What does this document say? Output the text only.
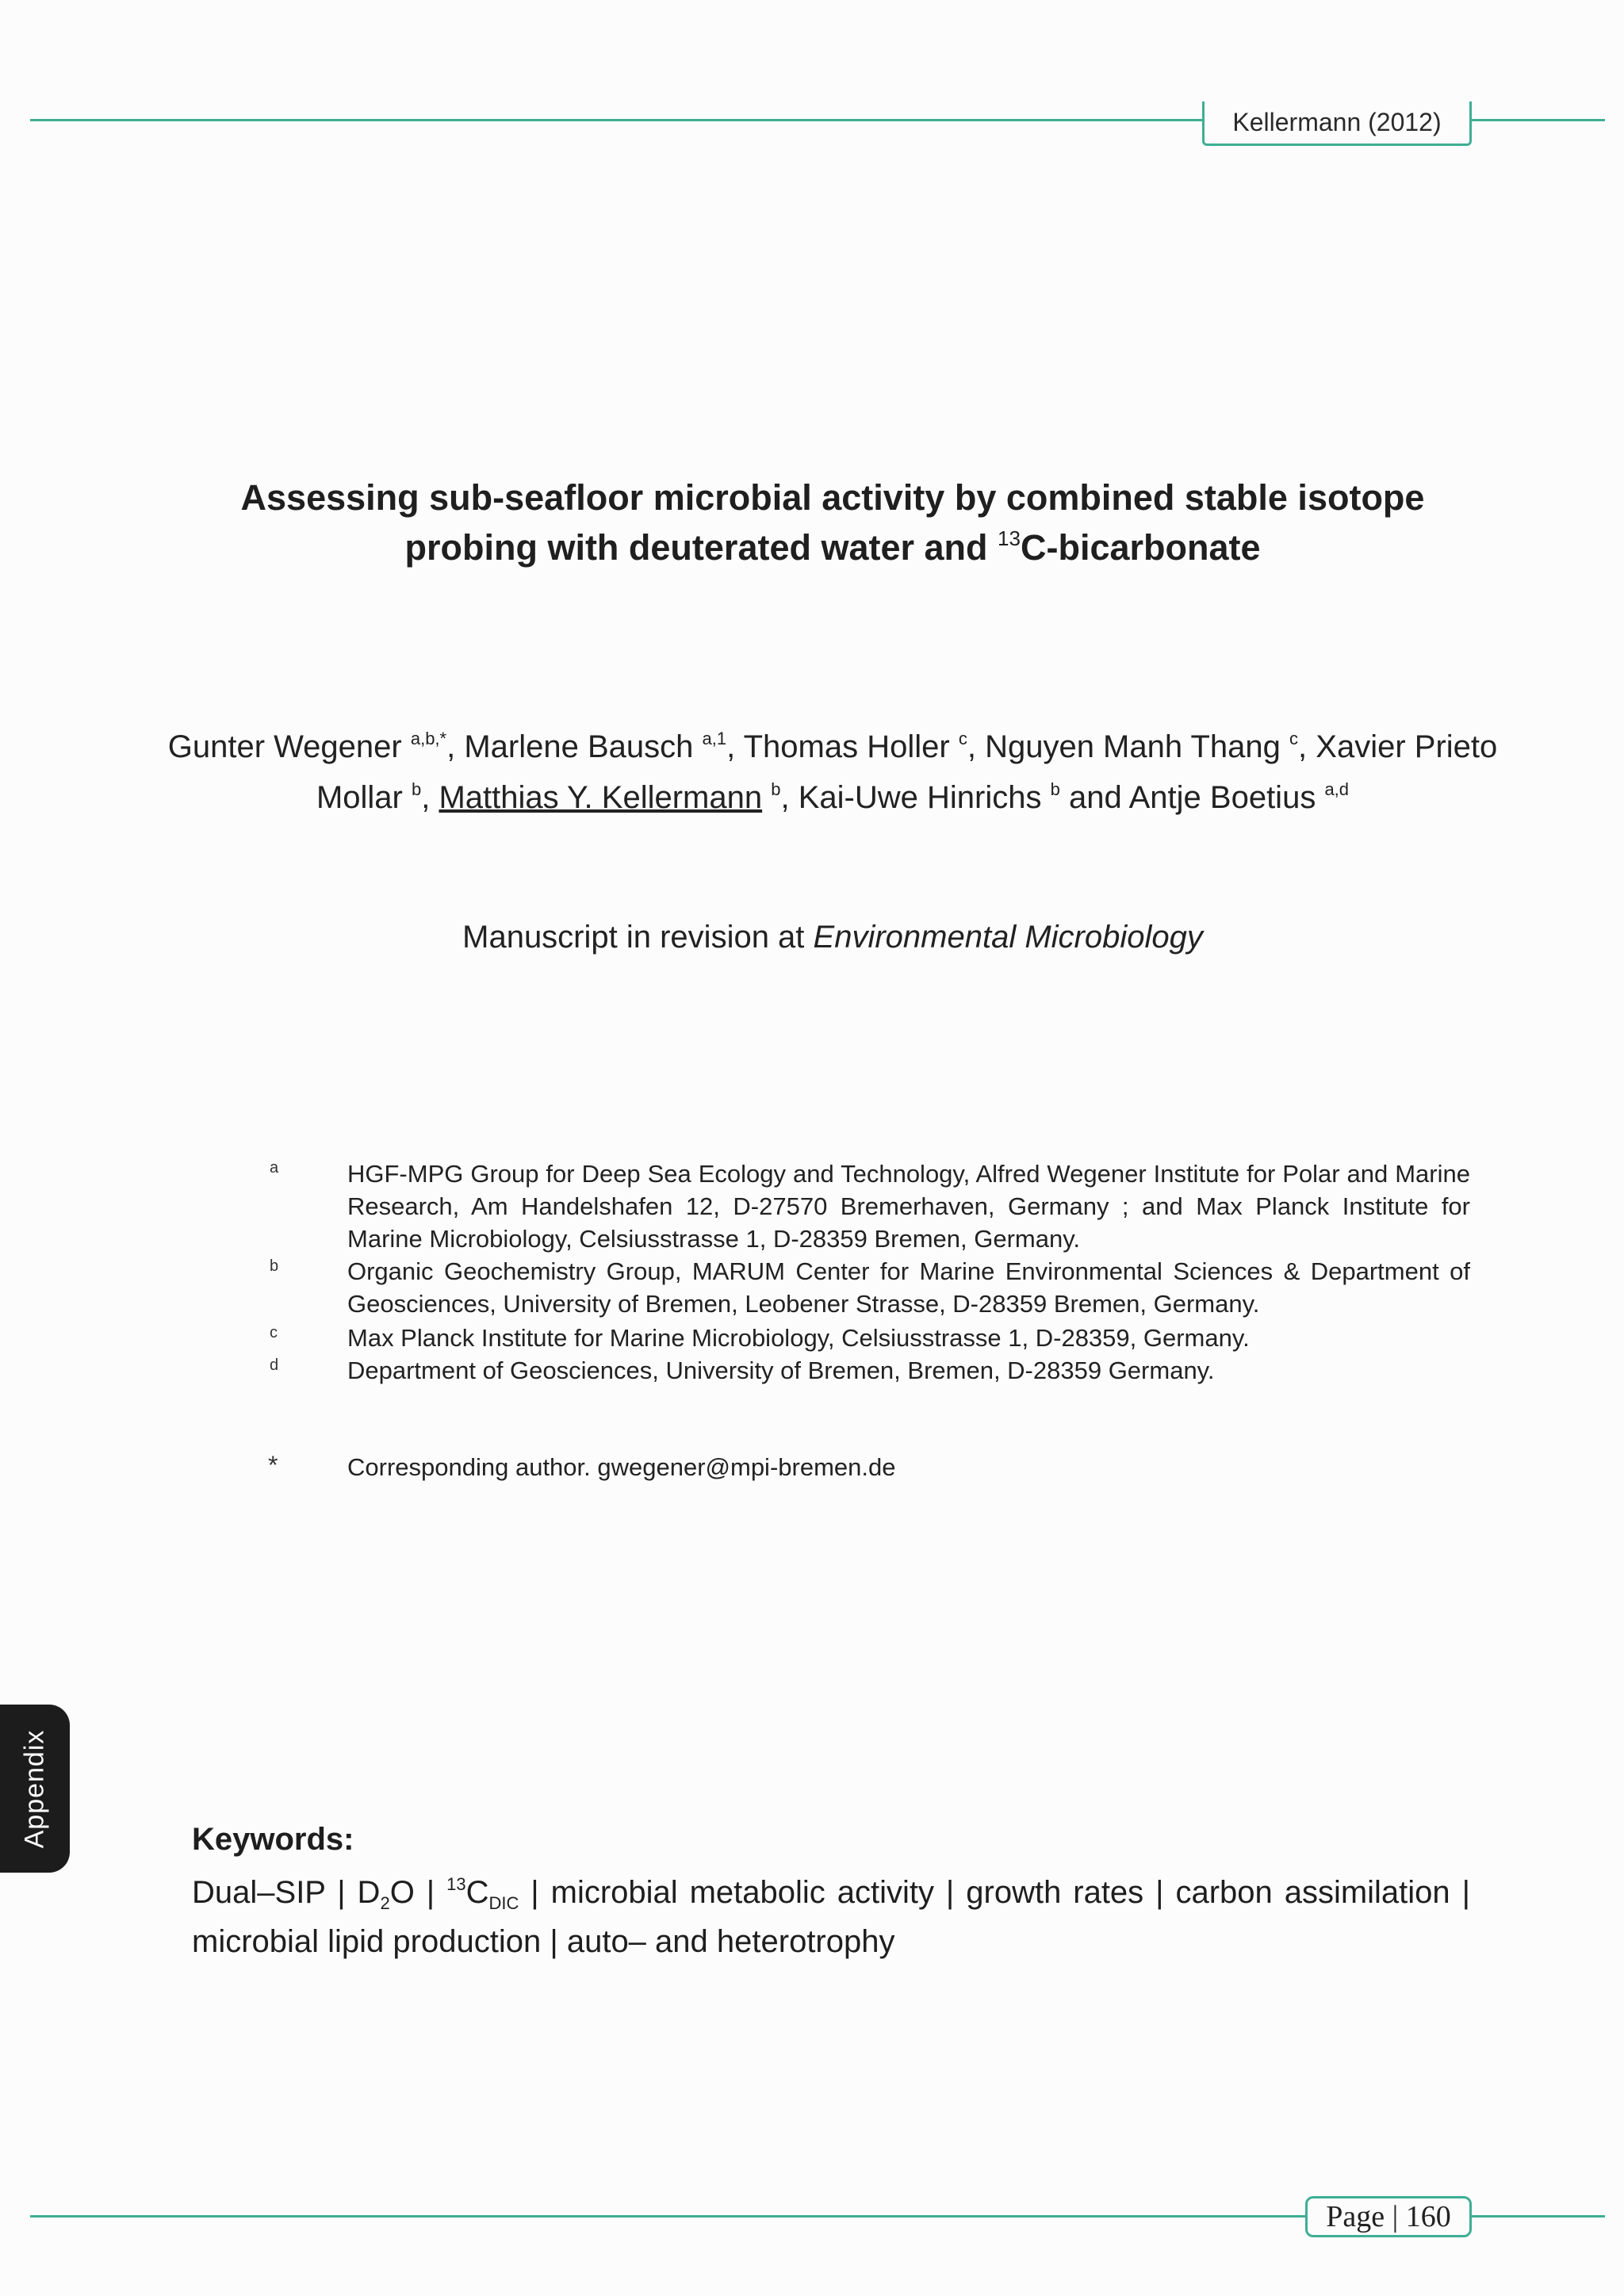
Kellermann (2012)
Assessing sub-seafloor microbial activity by combined stable isotope
probing with deuterated water and $^{13}$C-bicarbonate
Gunter Wegener $^{a,b,*}$, Marlene Bausch $^{a,1}$, Thomas Holler $^c$, Nguyen Manh Thang $^c$, Xavier Prieto Mollar $^b$, Matthias Y. Kellermann $^b$, Kai-Uwe Hinrichs $^b$ and Antje Boetius $^{a,d}$
Manuscript in revision at Environmental Microbiology
a	HGF-MPG Group for Deep Sea Ecology and Technology, Alfred Wegener Institute for Polar and Marine Research, Am Handelshafen 12, D-27570 Bremerhaven, Germany ; and Max Planck Institute for Marine Microbiology, Celsiusstrasse 1, D-28359 Bremen, Germany.
b	Organic Geochemistry Group, MARUM Center for Marine Environmental Sciences & Department of Geosciences, University of Bremen, Leobener Strasse, D-28359 Bremen, Germany.
c	Max Planck Institute for Marine Microbiology, Celsiusstrasse 1, D-28359, Germany.
d	Department of Geosciences, University of Bremen, Bremen, D-28359 Germany.
*	Corresponding author. gwegener@mpi-bremen.de
Appendix	Keywords:
Dual–SIP | $D_2O$ | $^{13}C_{DIC}$ | microbial metabolic activity | growth rates | carbon assimilation | microbial lipid production | auto– and heterotrophy
Page | 160
